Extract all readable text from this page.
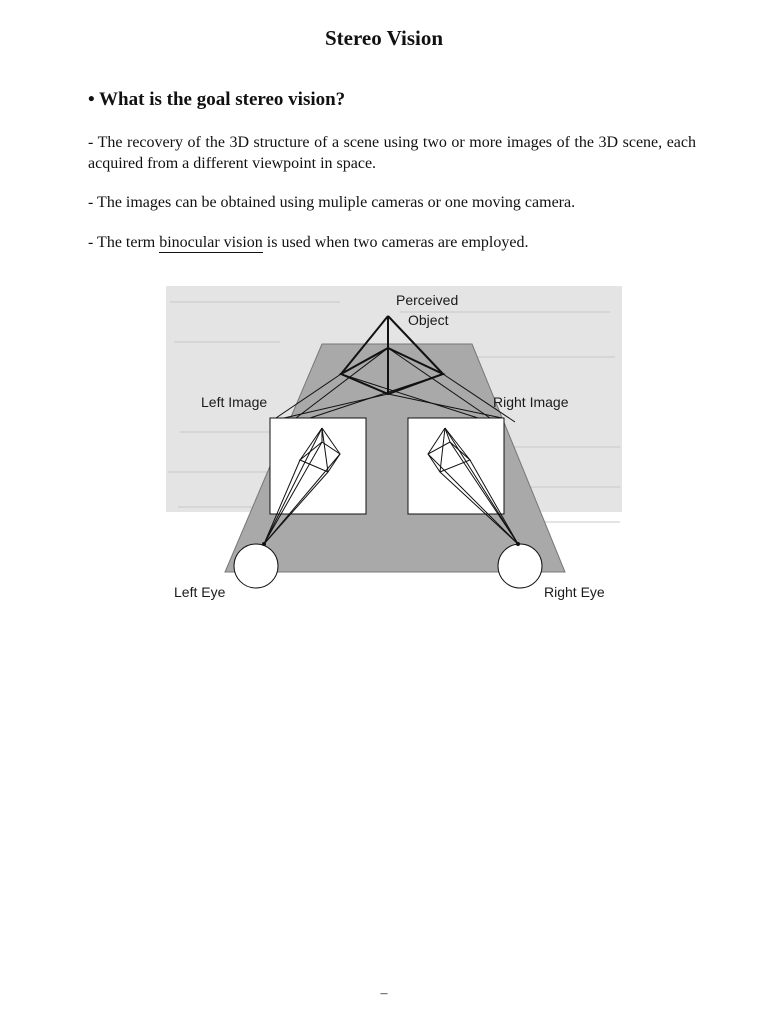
Stereo Vision
• What is the goal stereo vision?
- The recovery of the 3D structure of a scene using two or more images of the 3D scene, each acquired from a different viewpoint in space.
- The images can be obtained using muliple cameras or one moving camera.
- The term binocular vision is used when two cameras are employed.
Perceived
Object
Left Image	Right Image
Left Eye	Right Eye
–
